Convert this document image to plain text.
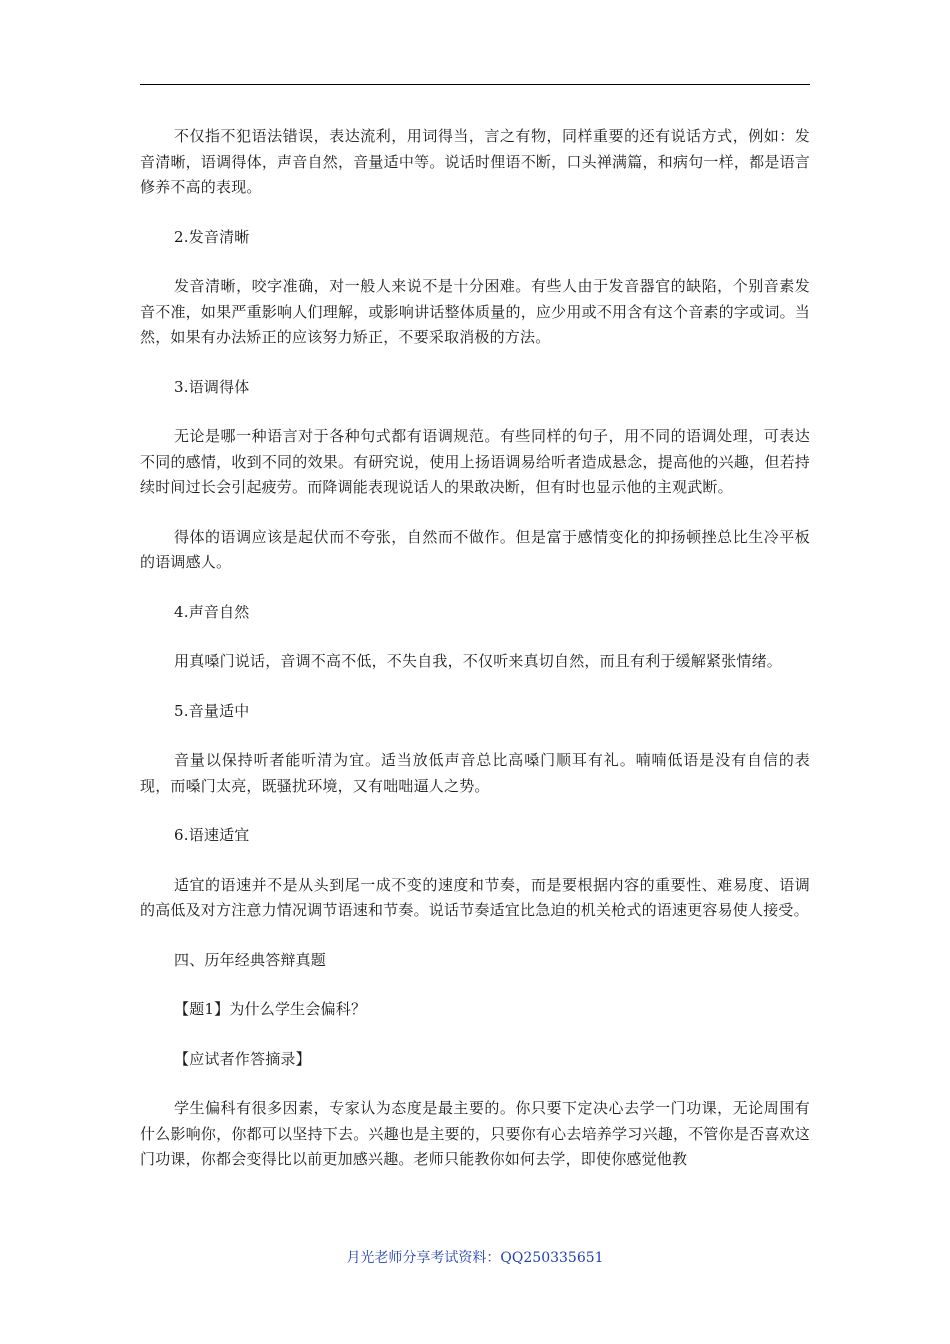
不仅指不犯语法错误，表达流利，用词得当，言之有物，同样重要的还有说话方式，例如：发音清晰，语调得体，声音自然，音量适中等。说话时俚语不断，口头禅满篇，和病句一样，都是语言修养不高的表现。

2.发音清晰

发音清晰，咬字准确，对一般人来说不是十分困难。有些人由于发音器官的缺陷，个别音素发音不准，如果严重影响人们理解，或影响讲话整体质量的，应少用或不用含有这个音素的字或词。当然，如果有办法矫正的应该努力矫正，不要采取消极的方法。

3.语调得体

无论是哪一种语言对于各种句式都有语调规范。有些同样的句子，用不同的语调处理，可表达不同的感情，收到不同的效果。有研究说，使用上扬语调易给听者造成悬念，提高他的兴趣，但若持续时间过长会引起疲劳。而降调能表现说话人的果敢决断，但有时也显示他的主观武断。

得体的语调应该是起伏而不夸张，自然而不做作。但是富于感情变化的抑扬顿挫总比生冷平板的语调感人。

4.声音自然

用真嗓门说话，音调不高不低，不失自我，不仅听来真切自然，而且有利于缓解紧张情绪。

5.音量适中

音量以保持听者能听清为宜。适当放低声音总比高嗓门顺耳有礼。喃喃低语是没有自信的表现，而嗓门太亮，既骚扰环境，又有咄咄逼人之势。

6.语速适宜

适宜的语速并不是从头到尾一成不变的速度和节奏，而是要根据内容的重要性、难易度、语调的高低及对方注意力情况调节语速和节奏。说话节奏适宜比急迫的机关枪式的语速更容易使人接受。

四、历年经典答辩真题

【题1】为什么学生会偏科？

【应试者作答摘录】

学生偏科有很多因素，专家认为态度是最主要的。你只要下定决心去学一门功课，无论周围有什么影响你，你都可以坚持下去。兴趣也是主要的，只要你有心去培养学习兴趣，不管你是否喜欢这门功课，你都会变得比以前更加感兴趣。老师只能教你如何去学，即使你感觉他教

月光老师分享考试资料：QQ250335651
